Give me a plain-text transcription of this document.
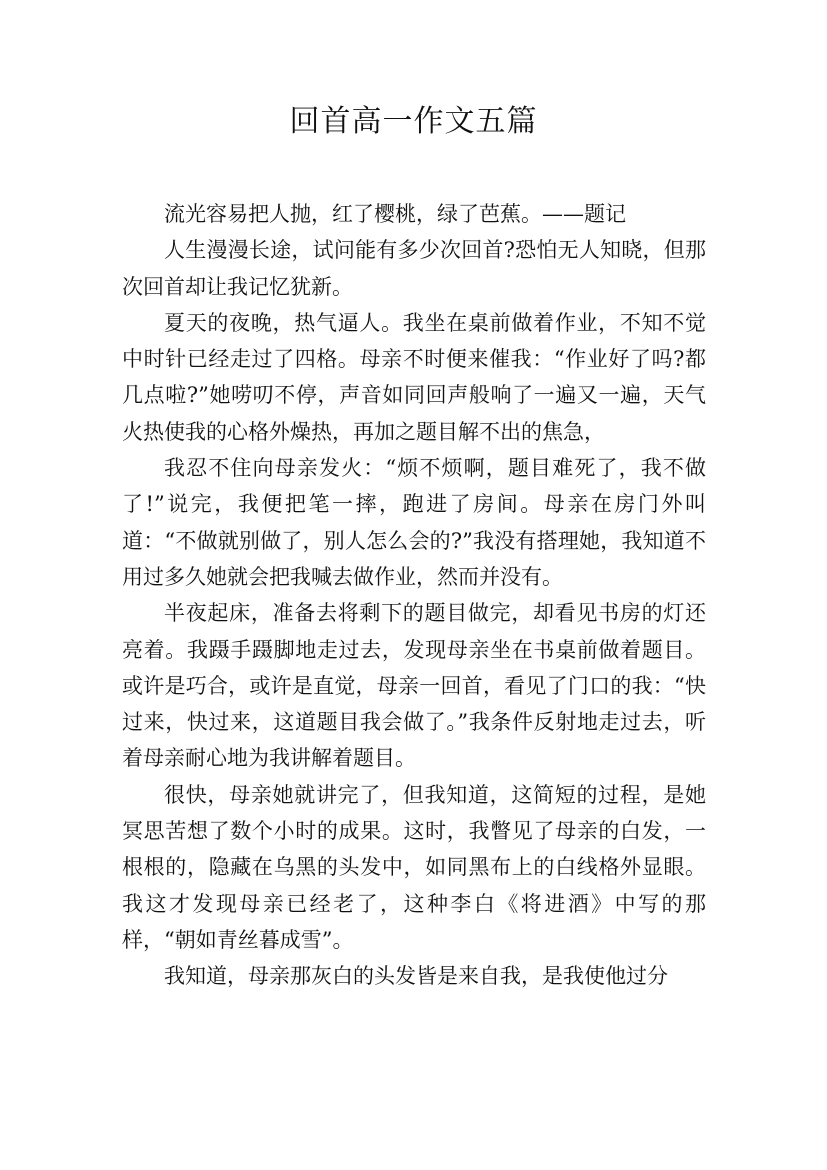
回首高一作文五篇

流光容易把人抛，红了樱桃，绿了芭蕉。——题记

人生漫漫长途，试问能有多少次回首?恐怕无人知晓，但那次回首却让我记忆犹新。

夏天的夜晚，热气逼人。我坐在桌前做着作业，不知不觉中时针已经走过了四格。母亲不时便来催我：“作业好了吗?都几点啦?”她唠叨不停，声音如同回声般响了一遍又一遍，天气火热使我的心格外燥热，再加之题目解不出的焦急，

我忍不住向母亲发火：“烦不烦啊，题目难死了，我不做了!”说完，我便把笔一摔，跑进了房间。母亲在房门外叫道：“不做就别做了，别人怎么会的?”我没有搭理她，我知道不用过多久她就会把我喊去做作业，然而并没有。

半夜起床，准备去将剩下的题目做完，却看见书房的灯还亮着。我蹑手蹑脚地走过去，发现母亲坐在书桌前做着题目。或许是巧合，或许是直觉，母亲一回首，看见了门口的我：“快过来，快过来，这道题目我会做了。”我条件反射地走过去，听着母亲耐心地为我讲解着题目。

很快，母亲她就讲完了，但我知道，这简短的过程，是她冥思苦想了数个小时的成果。这时，我瞥见了母亲的白发，一根根的，隐藏在乌黑的头发中，如同黑布上的白线格外显眼。我这才发现母亲已经老了，这种李白《将进酒》中写的那样，“朝如青丝暮成雪”。

我知道，母亲那灰白的头发皆是来自我，是我使他过分
